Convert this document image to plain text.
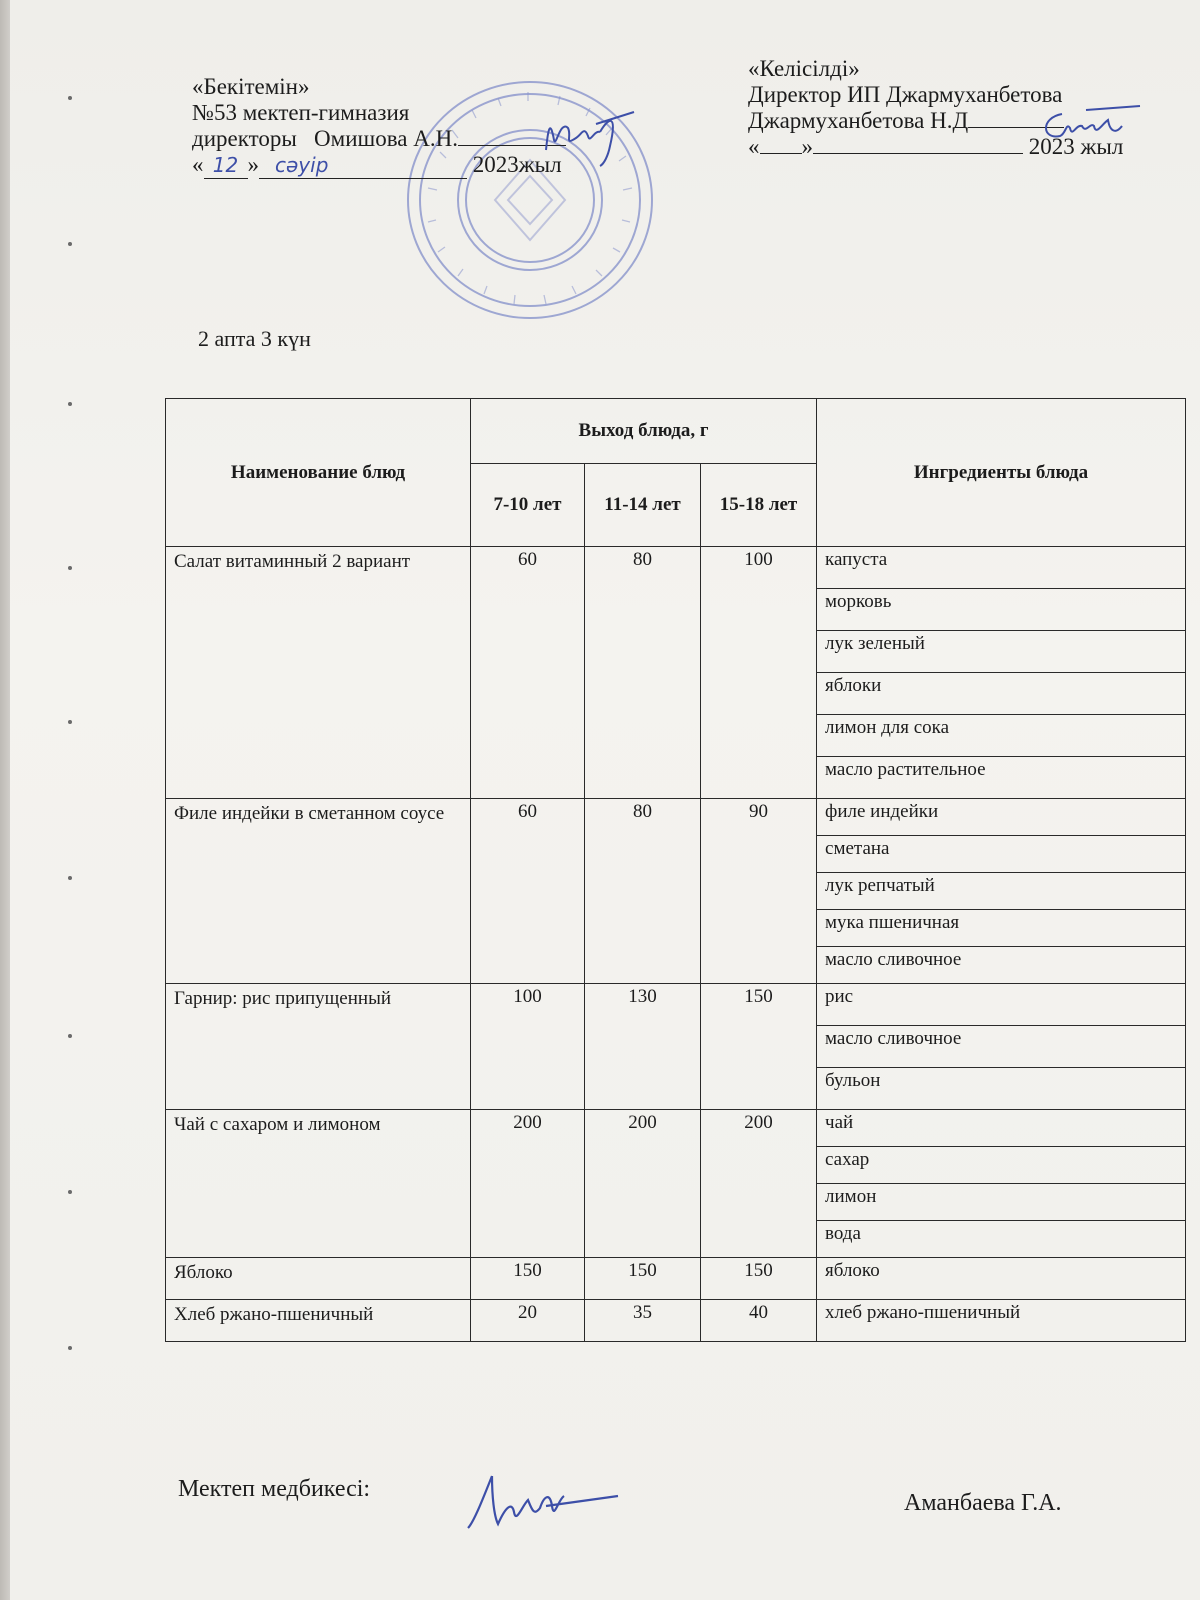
«Бекітемін»
№53 мектеп-гимназия
директоры Омишова А.Н.
« 12 » сәуір	2023жыл
«Келісілді»
Директор ИП Джармуханбетова
Джармуханбетова Н.Д
« »	2023 жыл
2 апта 3 күн
Наименование блюд	Выход блюда, г			Ингредиенты блюда
	7-10 лет	11-14 лет	15-18 лет	
Салат витаминный 2 вариант	60	80	100	капуста
				морковь
				лук зеленый
				яблоки
				лимон для сока
				масло растительное
Филе индейки в сметанном соусе	60	80	90	филе индейки
				сметана
				лук репчатый
				мука пшеничная
				масло сливочное
Гарнир: рис припущенный	100	130	150	рис
				масло сливочное
				бульон
Чай с сахаром и лимоном	200	200	200	чай
				сахар
				лимон
				вода
Яблоко	150	150	150	яблоко
Хлеб ржано-пшеничный	20	35	40	хлеб ржано-пшеничный
Мектеп медбикесі:
Аманбаева Г.А.
